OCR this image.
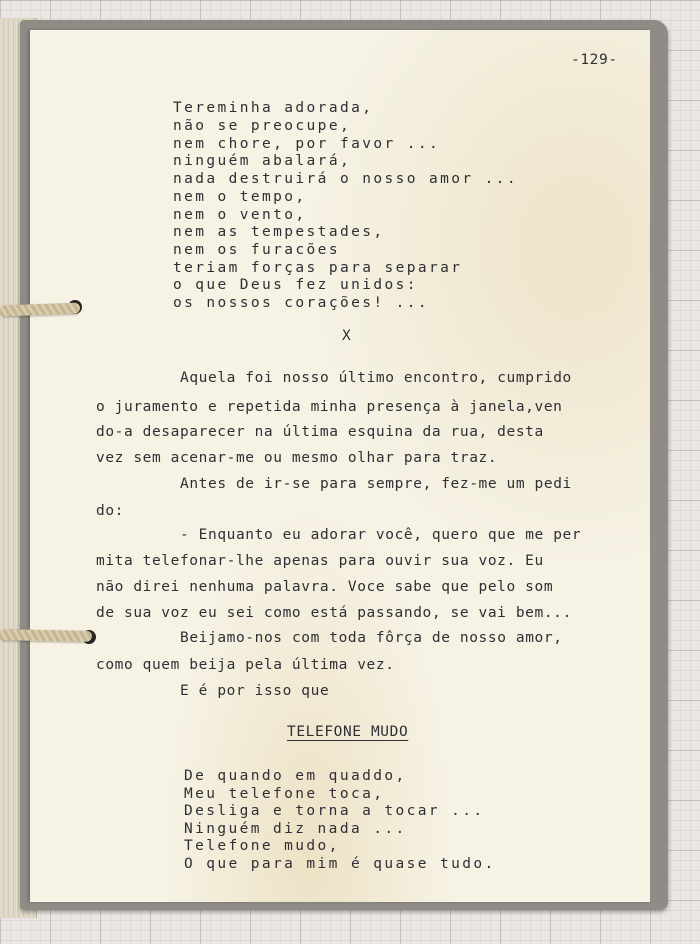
-129-
Tereminha adorada,
não se preocupe,
nem chore, por favor ...
ninguém abalará,
nada destruirá o nosso amor ...
nem o tempo,
nem o vento,
nem as tempestades,
nem os furacões
teriam forças para separar
o que Deus fez unidos:
os nossos corações! ...
X
Aquela foi nosso último encontro, cumprido
o juramento e repetida minha presença à janela,ven
do-a desaparecer na última esquina da rua, desta
vez sem acenar-me ou mesmo olhar para traz.
Antes de ir-se para sempre, fez-me um pedi
do:
- Enquanto eu adorar você, quero que me per
mita telefonar-lhe apenas para ouvir sua voz. Eu
não direi nenhuma palavra. Voce sabe que pelo som
de sua voz eu sei como está passando, se vai bem...
Beijamo-nos com toda fôrça de nosso amor,
como quem beija pela última vez.
E é por isso que
TELEFONE MUDO
De quando em quaddo,
Meu telefone toca,
Desliga e torna a tocar ...
Ninguém diz nada ...
Telefone mudo,
O que para mim é quase tudo.
